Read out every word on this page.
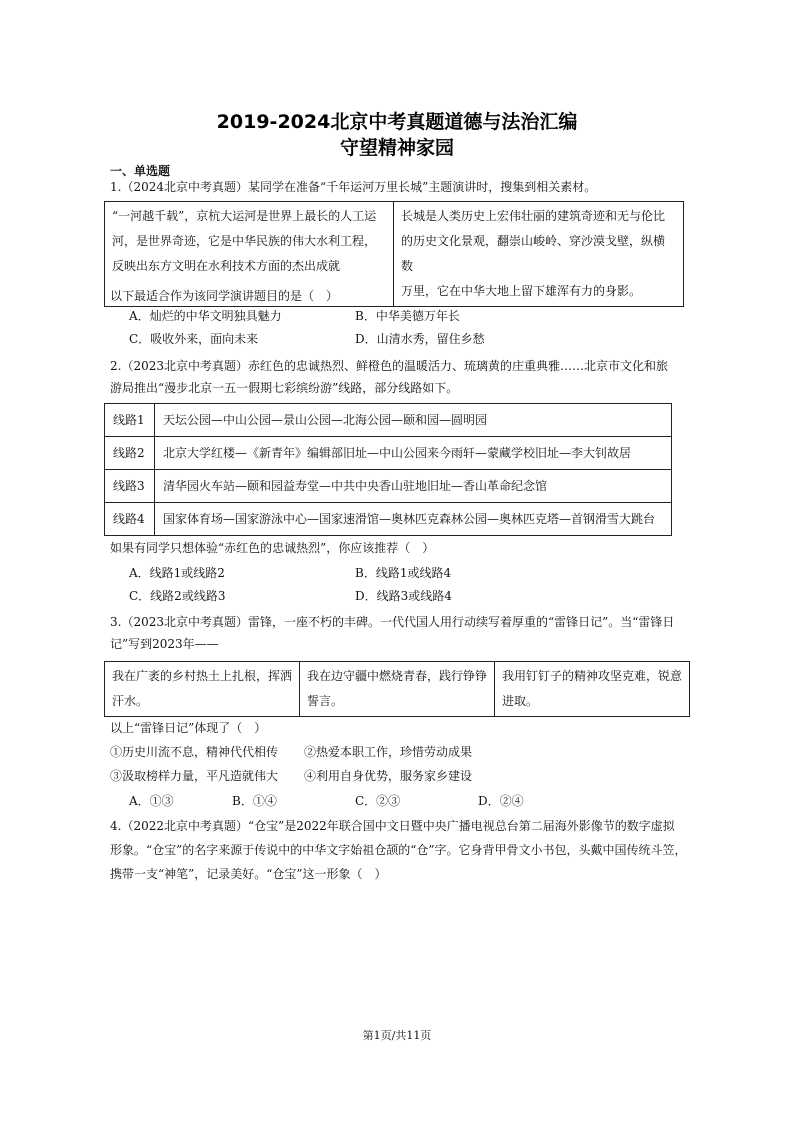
2019-2024北京中考真题道德与法治汇编
守望精神家园
一、单选题
1.（2024北京中考真题）某同学在准备“千年运河万里长城”主题演讲时，搜集到相关素材。
“一河越千载”，京杭大运河是世界上最长的人工运
河，是世界奇迹，它是中华民族的伟大水利工程，
反映出东方文明在水利技术方面的杰出成就

长城是人类历史上宏伟壮丽的建筑奇迹和无与伦比
的历史文化景观，翻崇山峻岭、穿沙漠戈壁，纵横数
万里，它在中华大地上留下雄浑有力的身影。
以下最适合作为该同学演讲题目的是（　）
A．灿烂的中华文明独具魅力	B．中华美德万年长
C．吸收外来，面向未来	D．山清水秀，留住乡愁
2.（2023北京中考真题）赤红色的忠诚热烈、鲜橙色的温暖活力、琉璃黄的庄重典雅……北京市文化和旅
游局推出“漫步北京一五一假期七彩缤纷游”线路，部分线路如下。
线路1	天坛公园—中山公园—景山公园—北海公园—颐和园—圆明园
线路2	北京大学红楼—《新青年》编辑部旧址—中山公园来今雨轩—蒙藏学校旧址—李大钊故居
线路3	清华园火车站—颐和园益寿堂—中共中央香山驻地旧址—香山革命纪念馆
线路4	国家体育场—国家游泳中心—国家速滑馆—奥林匹克森林公园—奥林匹克塔—首钢滑雪大跳台
如果有同学只想体验“赤红色的忠诚热烈”，你应该推荐（　）
A．线路1或线路2	B．线路1或线路4
C．线路2或线路3	D．线路3或线路4
3.（2023北京中考真题）雷锋，一座不朽的丰碑。一代代国人用行动续写着厚重的“雷锋日记”。当“雷锋日
记”写到2023年——
我在广袤的乡村热土上扎根，挥洒
汗水。

我在边守疆中燃烧青春，践行铮铮
誓言。

我用钉钉子的精神攻坚克难，锐意
进取。
以上“雷锋日记”体现了（　）
①历史川流不息，精神代代相传 ②热爱本职工作，珍惜劳动成果
③汲取榜样力量，平凡造就伟大 ④利用自身优势，服务家乡建设
A．①③	B．①④	C．②③	D．②④
4.（2022北京中考真题）“仓宝”是2022年联合国中文日暨中央广播电视总台第二届海外影像节的数字虚拟
形象。“仓宝”的名字来源于传说中的中华文字始祖仓颉的“仓”字。它身背甲骨文小书包，头戴中国传统斗笠，
携带一支“神笔”，记录美好。“仓宝”这一形象（　）
第1页/共11页
